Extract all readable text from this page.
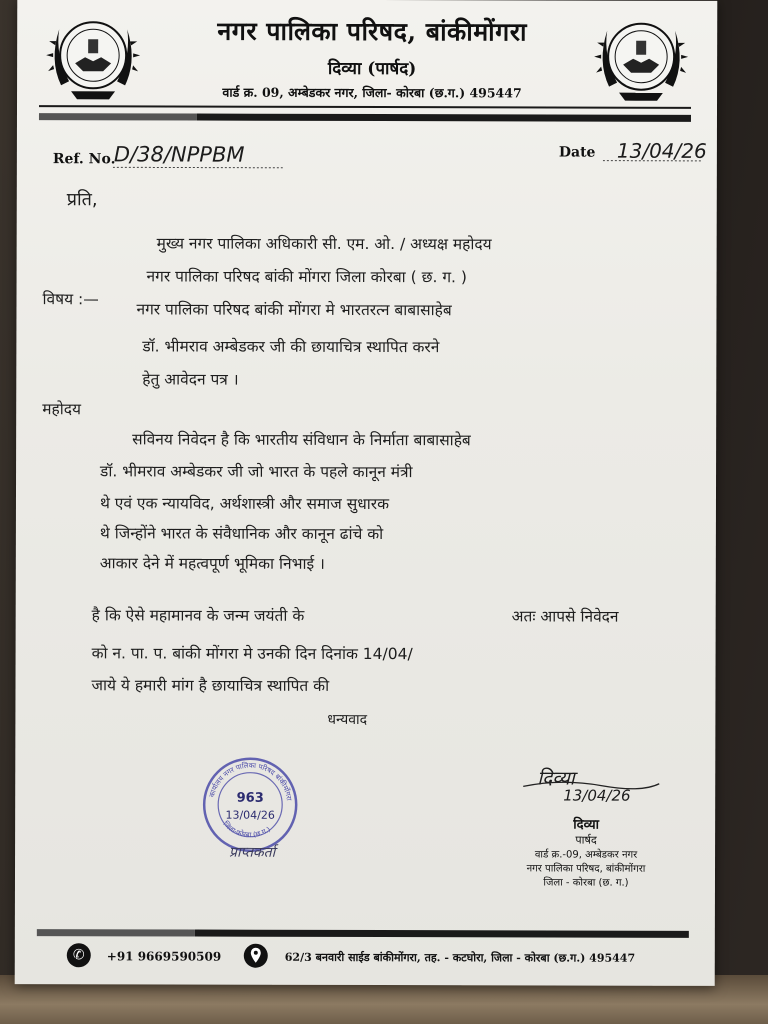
नगर पालिका परिषद, बांकीमोंगरा
दिव्या (पार्षद)
वार्ड क्र. 09, अम्बेडकर नगर, जिला- कोरबा (छ.ग.) 495447
Ref. No.
D/38/NPPBM	Date 13/04/26
प्रति,
मुख्य नगर पालिका अधिकारी सी. एम. ओ. / अध्यक्ष महोदय
नगर पालिका परिषद बांकी मोंगरा जिला कोरबा ( छ. ग. )
विषय :—
नगर पालिका परिषद बांकी मोंगरा मे भारतरत्न बाबासाहेब
डॉ. भीमराव अम्बेडकर जी की छायाचित्र स्थापित करने
हेतु आवेदन पत्र ।
महोदय
सविनय निवेदन है कि भारतीय संविधान के निर्माता बाबासाहेब
डॉ. भीमराव अम्बेडकर जी जो भारत के पहले कानून मंत्री
थे एवं एक न्यायविद, अर्थशास्त्री और समाज सुधारक
थे जिन्होंने भारत के संवैधानिक और कानून ढांचे को
आकार देने में महत्वपूर्ण भूमिका निभाई ।
है कि ऐसे महामानव के जन्म जयंती के	अतः आपसे निवेदन
को न. पा. प. बांकी मोंगरा मे उनकी दिन दिनांक 14/04/
जाये ये हमारी मांग है छायाचित्र स्थापित की
धन्यवाद
कार्यालय नगर पालिका परिषद बांकीमोंगरा
जिला-कोरबा (छ.ग.)
963
13/04/26
प्राप्तकर्ता
दिव्या
13/04/26
दिव्या
पार्षद
वार्ड क्र.-09, अम्बेडकर नगर
नगर पालिका परिषद, बांकीमोंगरा
जिला - कोरबा (छ. ग.)
✆	+91 9669590509	62/3 बनवारी साईड बांकीमोंगरा, तह. - कटघोरा, जिला - कोरबा (छ.ग.) 495447
